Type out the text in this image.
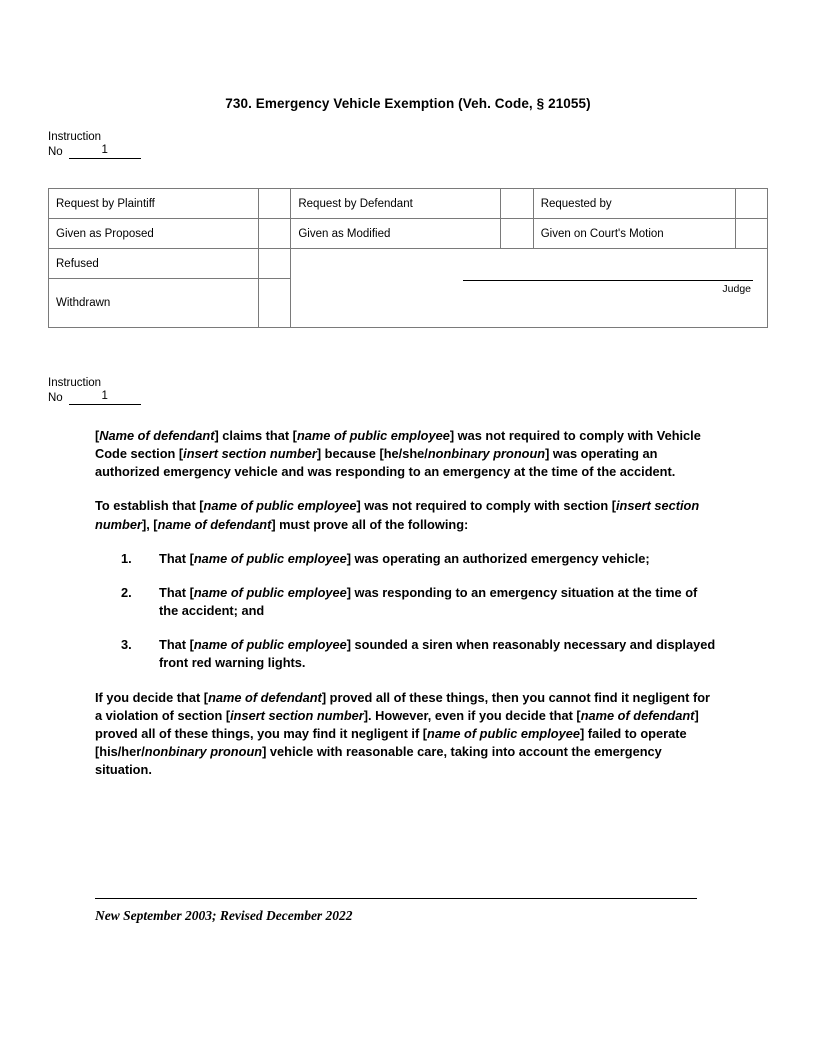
730. Emergency Vehicle Exemption (Veh. Code, § 21055)
Instruction
No	1
Request by Plaintiff		Request by Defendant		Requested by	
Given as Proposed		Given as Modified		Given on Court's Motion	
Refused		Judge			

Withdrawn					
Instruction
No	1

[Name of defendant] claims that [name of public employee] was not required to comply with Vehicle Code section [insert section number] because [he/she/nonbinary pronoun] was operating an authorized emergency vehicle and was responding to an emergency at the time of the accident.

To establish that [name of public employee] was not required to comply with section [insert section number], [name of defendant] must prove all of the following:

That [name of public employee] was operating an authorized emergency vehicle;
That [name of public employee] was responding to an emergency situation at the time of the accident; and
That [name of public employee] sounded a siren when reasonably necessary and displayed front red warning lights.

If you decide that [name of defendant] proved all of these things, then you cannot find it negligent for a violation of section [insert section number]. However, even if you decide that [name of defendant] proved all of these things, you may find it negligent if [name of public employee] failed to operate [his/her/nonbinary pronoun] vehicle with reasonable care, taking into account the emergency situation.

New September 2003; Revised December 2022
